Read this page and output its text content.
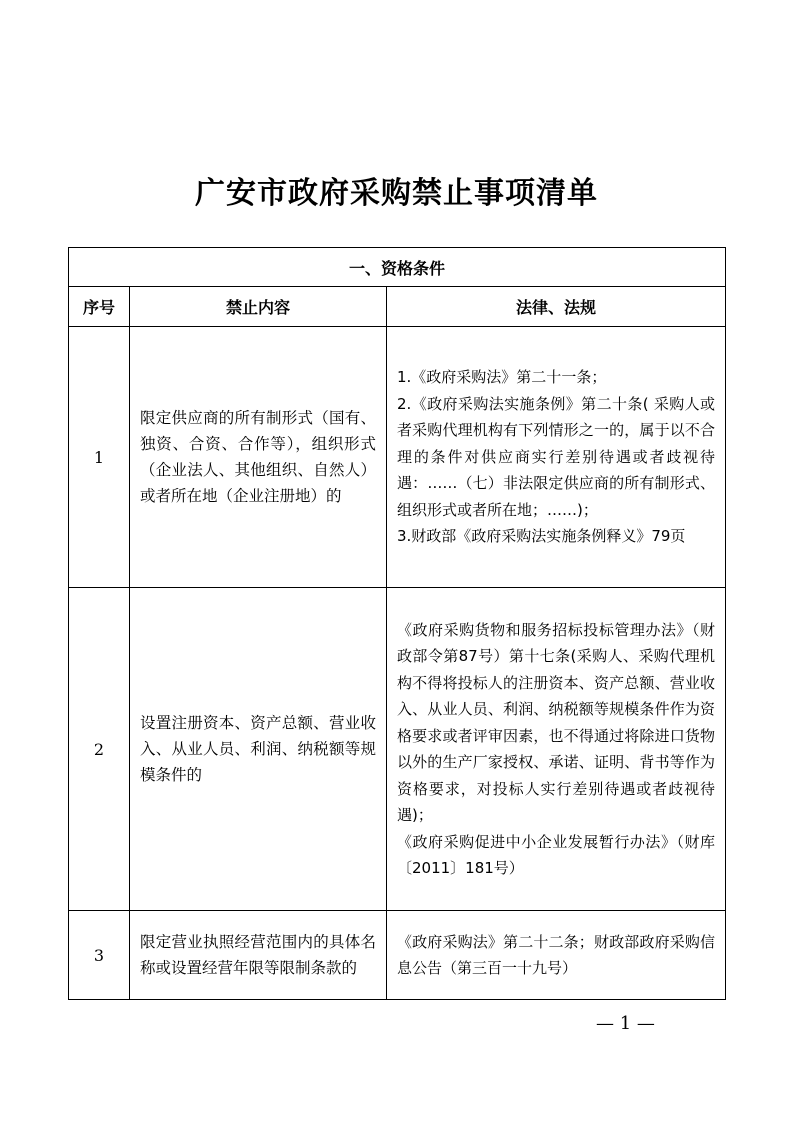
广安市政府采购禁止事项清单
一、资格条件		
序号	禁止内容	法律、法规
1	限定供应商的所有制形式（国有、独资、合资、合作等），组织形式（企业法人、其他组织、自然人）或者所在地（企业注册地）的	1.《政府采购法》第二十一条；
2.《政府采购法实施条例》第二十条( 采购人或者采购代理机构有下列情形之一的，属于以不合理的条件对供应商实行差别待遇或者歧视待遇：……（七）非法限定供应商的所有制形式、组织形式或者所在地；……)；
3.财政部《政府采购法实施条例释义》79页

2	设置注册资本、资产总额、营业收入、从业人员、利润、纳税额等规模条件的	《政府采购货物和服务招标投标管理办法》（财政部令第87号）第十七条(采购人、采购代理机构不得将投标人的注册资本、资产总额、营业收入、从业人员、利润、纳税额等规模条件作为资格要求或者评审因素，也不得通过将除进口货物以外的生产厂家授权、承诺、证明、背书等作为资格要求，对投标人实行差别待遇或者歧视待遇)；
《政府采购促进中小企业发展暂行办法》（财库〔2011〕181号）

3	限定营业执照经营范围内的具体名称或设置经营年限等限制条款的	《政府采购法》第二十二条；财政部政府采购信息公告（第三百一十九号）
— 1 —
